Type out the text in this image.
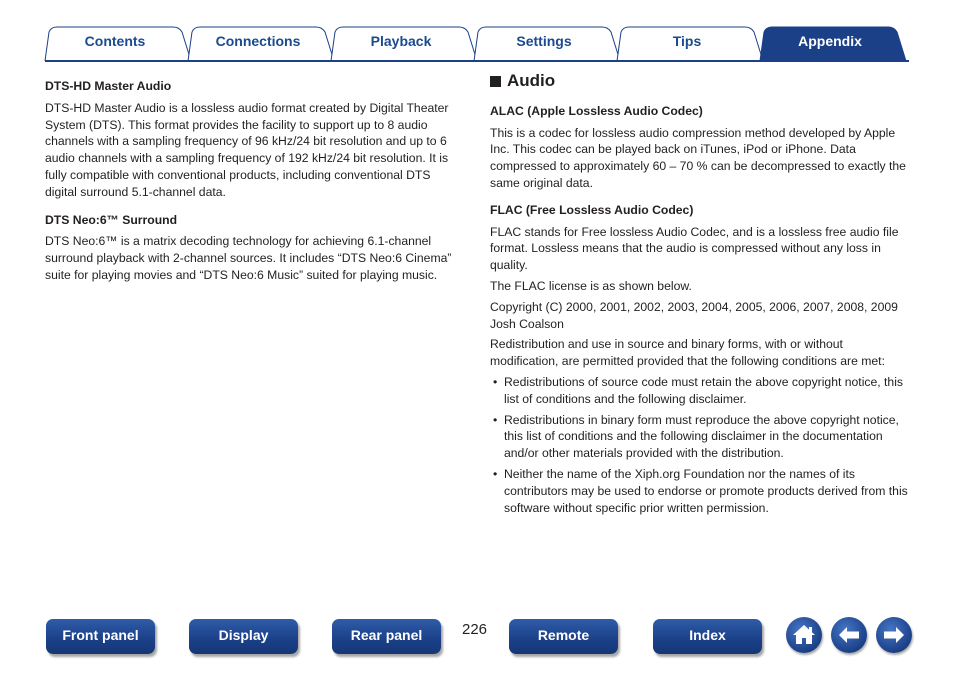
Contents	Connections	Playback	Settings	Tips	Appendix
DTS-HD Master Audio

DTS-HD Master Audio is a lossless audio format created by Digital Theater System (DTS). This format provides the facility to support up to 8 audio channels with a sampling frequency of 96 kHz/24 bit resolution and up to 6 audio channels with a sampling frequency of 192 kHz/24 bit resolution. It is fully compatible with conventional products, including conventional DTS digital surround 5.1-channel data.

DTS Neo:6™ Surround

DTS Neo:6™ is a matrix decoding technology for achieving 6.1-channel surround playback with 2-channel sources. It includes “DTS Neo:6 Cinema” suite for playing movies and “DTS Neo:6 Music” suited for playing music.

Audio
ALAC (Apple Lossless Audio Codec)

This is a codec for lossless audio compression method developed by Apple Inc. This codec can be played back on iTunes, iPod or iPhone. Data compressed to approximately 60 – 70 % can be decompressed to exactly the same original data.

FLAC (Free Lossless Audio Codec)

FLAC stands for Free lossless Audio Codec, and is a lossless free audio file format. Lossless means that the audio is compressed without any loss in quality.

The FLAC license is as shown below.

Copyright (C) 2000, 2001, 2002, 2003, 2004, 2005, 2006, 2007, 2008, 2009 Josh Coalson

Redistribution and use in source and binary forms, with or without modification, are permitted provided that the following conditions are met:

• Redistributions of source code must retain the above copyright notice, this list of conditions and the following disclaimer.
• Redistributions in binary form must reproduce the above copyright notice, this list of conditions and the following disclaimer in the documentation and/or other materials provided with the distribution.
• Neither the name of the Xiph.org Foundation nor the names of its contributors may be used to endorse or promote products derived from this software without specific prior written permission.
Front panel	Display	Rear panel	226	Remote	Index
